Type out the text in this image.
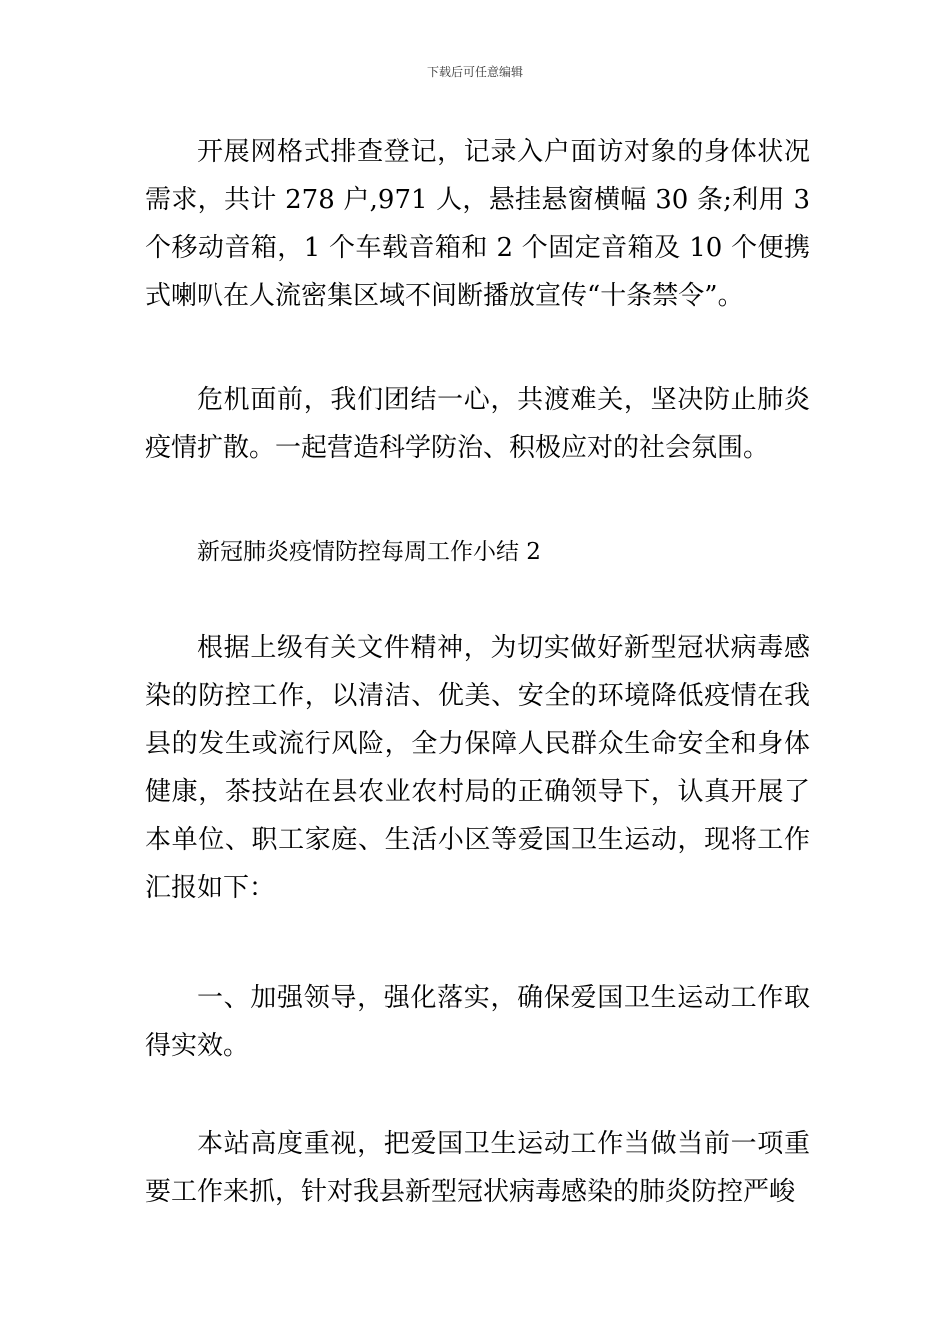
下载后可任意编辑

开展网格式排查登记，记录入户面访对象的身体状况需求，共计 278 户,971 人，悬挂悬窗横幅 30 条;利用 3 个移动音箱，1 个车载音箱和 2 个固定音箱及 10 个便携式喇叭在人流密集区域不间断播放宣传“十条禁令”。

危机面前，我们团结一心，共渡难关，坚决防止肺炎疫情扩散。一起营造科学防治、积极应对的社会氛围。

新冠肺炎疫情防控每周工作小结 2

根据上级有关文件精神，为切实做好新型冠状病毒感染的防控工作，以清洁、优美、安全的环境降低疫情在我县的发生或流行风险，全力保障人民群众生命安全和身体健康，茶技站在县农业农村局的正确领导下，认真开展了本单位、职工家庭、生活小区等爱国卫生运动，现将工作汇报如下：

一、加强领导，强化落实，确保爱国卫生运动工作取得实效。

本站高度重视，把爱国卫生运动工作当做当前一项重要工作来抓，针对我县新型冠状病毒感染的肺炎防控严峻
